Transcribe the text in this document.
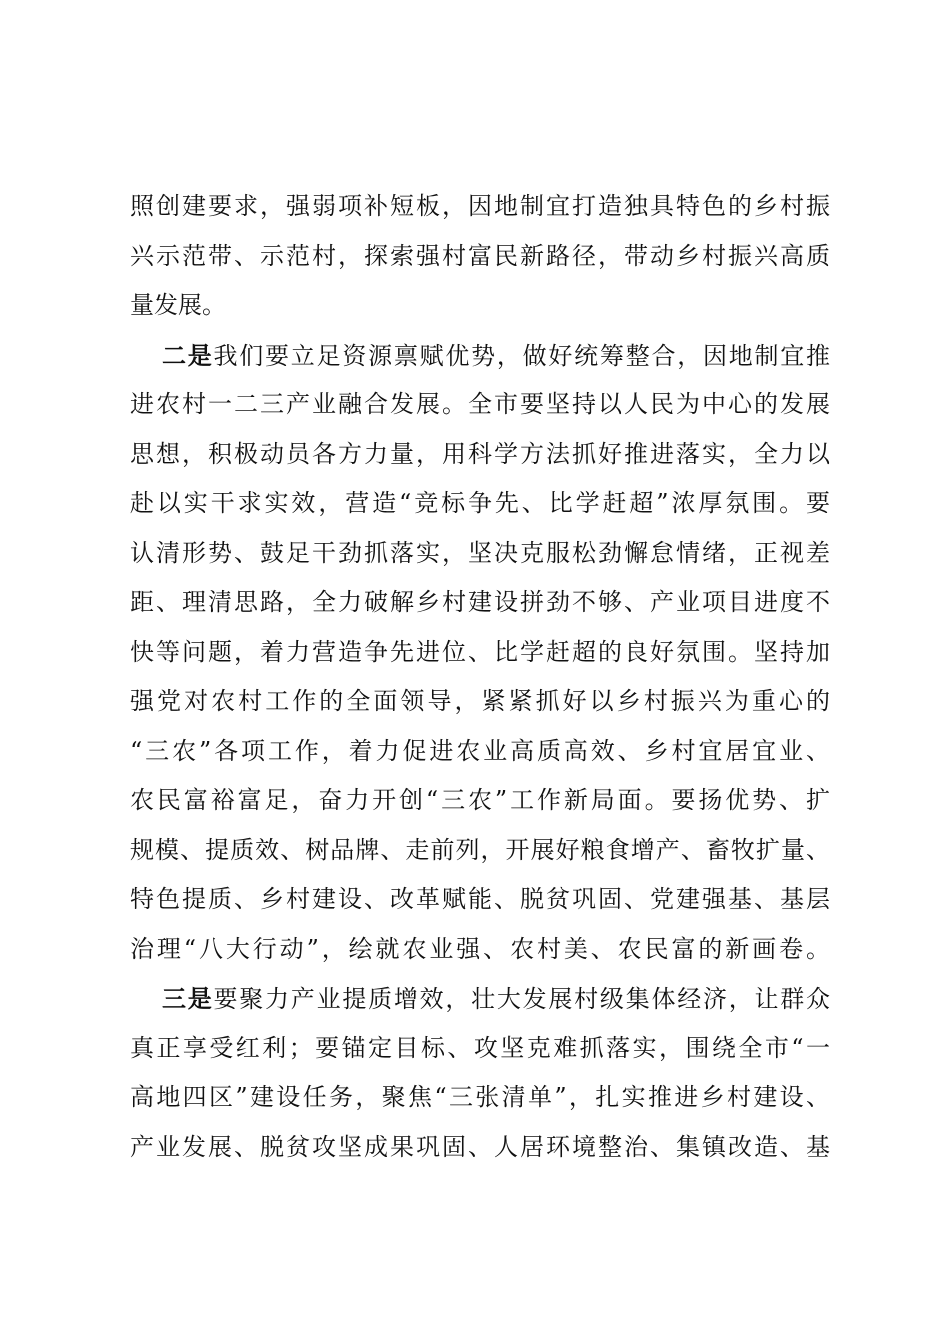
照创建要求，强弱项补短板，因地制宜打造独具特色的乡村振
兴示范带、示范村，探索强村富民新路径，带动乡村振兴高质
量发展。
二是我们要立足资源禀赋优势，做好统筹整合，因地制宜推
进农村一二三产业融合发展。全市要坚持以人民为中心的发展
思想，积极动员各方力量，用科学方法抓好推进落实，全力以
赴以实干求实效，营造“竞标争先、比学赶超”浓厚氛围。要
认清形势、鼓足干劲抓落实，坚决克服松劲懈怠情绪，正视差
距、理清思路，全力破解乡村建设拼劲不够、产业项目进度不
快等问题，着力营造争先进位、比学赶超的良好氛围。坚持加
强党对农村工作的全面领导，紧紧抓好以乡村振兴为重心的
“三农”各项工作，着力促进农业高质高效、乡村宜居宜业、
农民富裕富足，奋力开创“三农”工作新局面。要扬优势、扩
规模、提质效、树品牌、走前列，开展好粮食增产、畜牧扩量、
特色提质、乡村建设、改革赋能、脱贫巩固、党建强基、基层
治理“八大行动”，绘就农业强、农村美、农民富的新画卷。
三是要聚力产业提质增效，壮大发展村级集体经济，让群众
真正享受红利；要锚定目标、攻坚克难抓落实，围绕全市“一
高地四区”建设任务，聚焦“三张清单”，扎实推进乡村建设、
产业发展、脱贫攻坚成果巩固、人居环境整治、集镇改造、基
